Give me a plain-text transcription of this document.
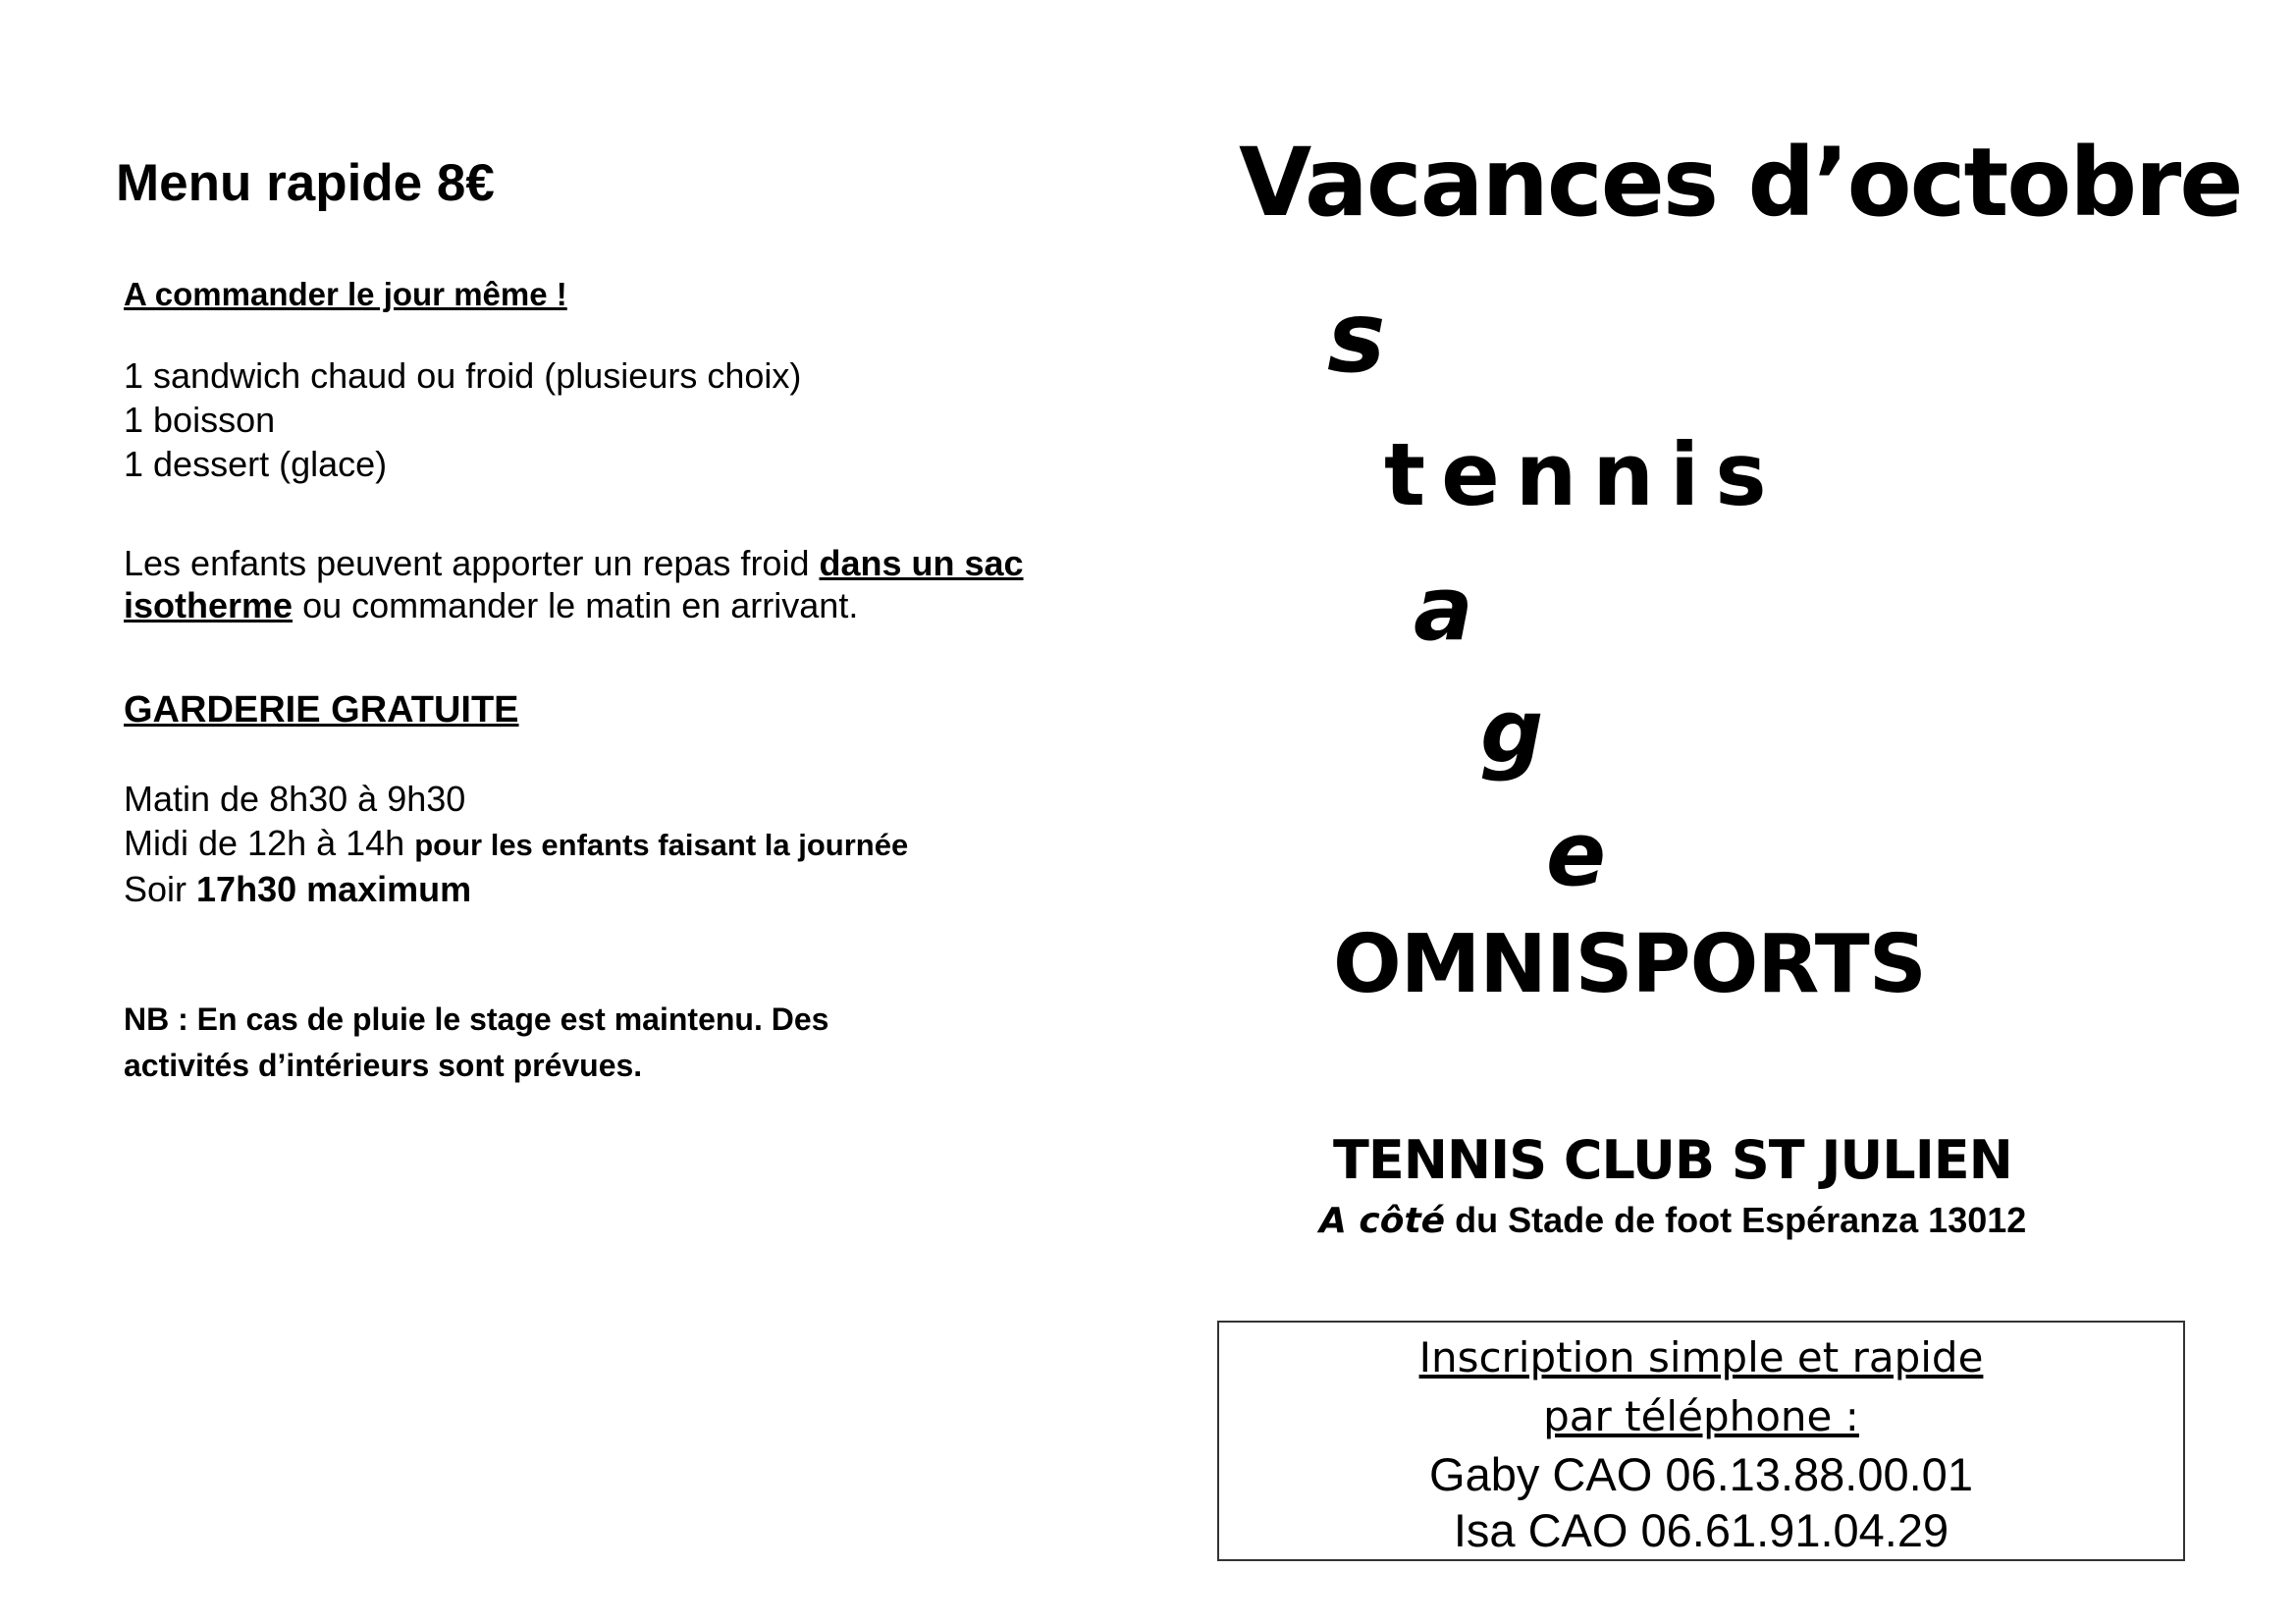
Menu rapide 8€
A commander le jour même !
1 sandwich chaud ou froid (plusieurs choix)
1 boisson
1 dessert (glace)
Les enfants peuvent apporter un repas froid dans un sac
isotherme ou commander le matin en arrivant.
GARDERIE GRATUITE
Matin de 8h30 à 9h30
Midi de 12h à 14h pour les enfants faisant la journée
Soir 17h30 maximum
NB : En cas de pluie le stage est maintenu. Des
activités d’intérieurs sont prévues.
Vacances d’octobre
s
tennis
a
g
e
OMNISPORTS
TENNIS CLUB ST JULIEN
A côté du Stade de foot Espéranza 13012
Inscription simple et rapide
par téléphone :
Gaby CAO 06.13.88.00.01
Isa CAO 06.61.91.04.29
